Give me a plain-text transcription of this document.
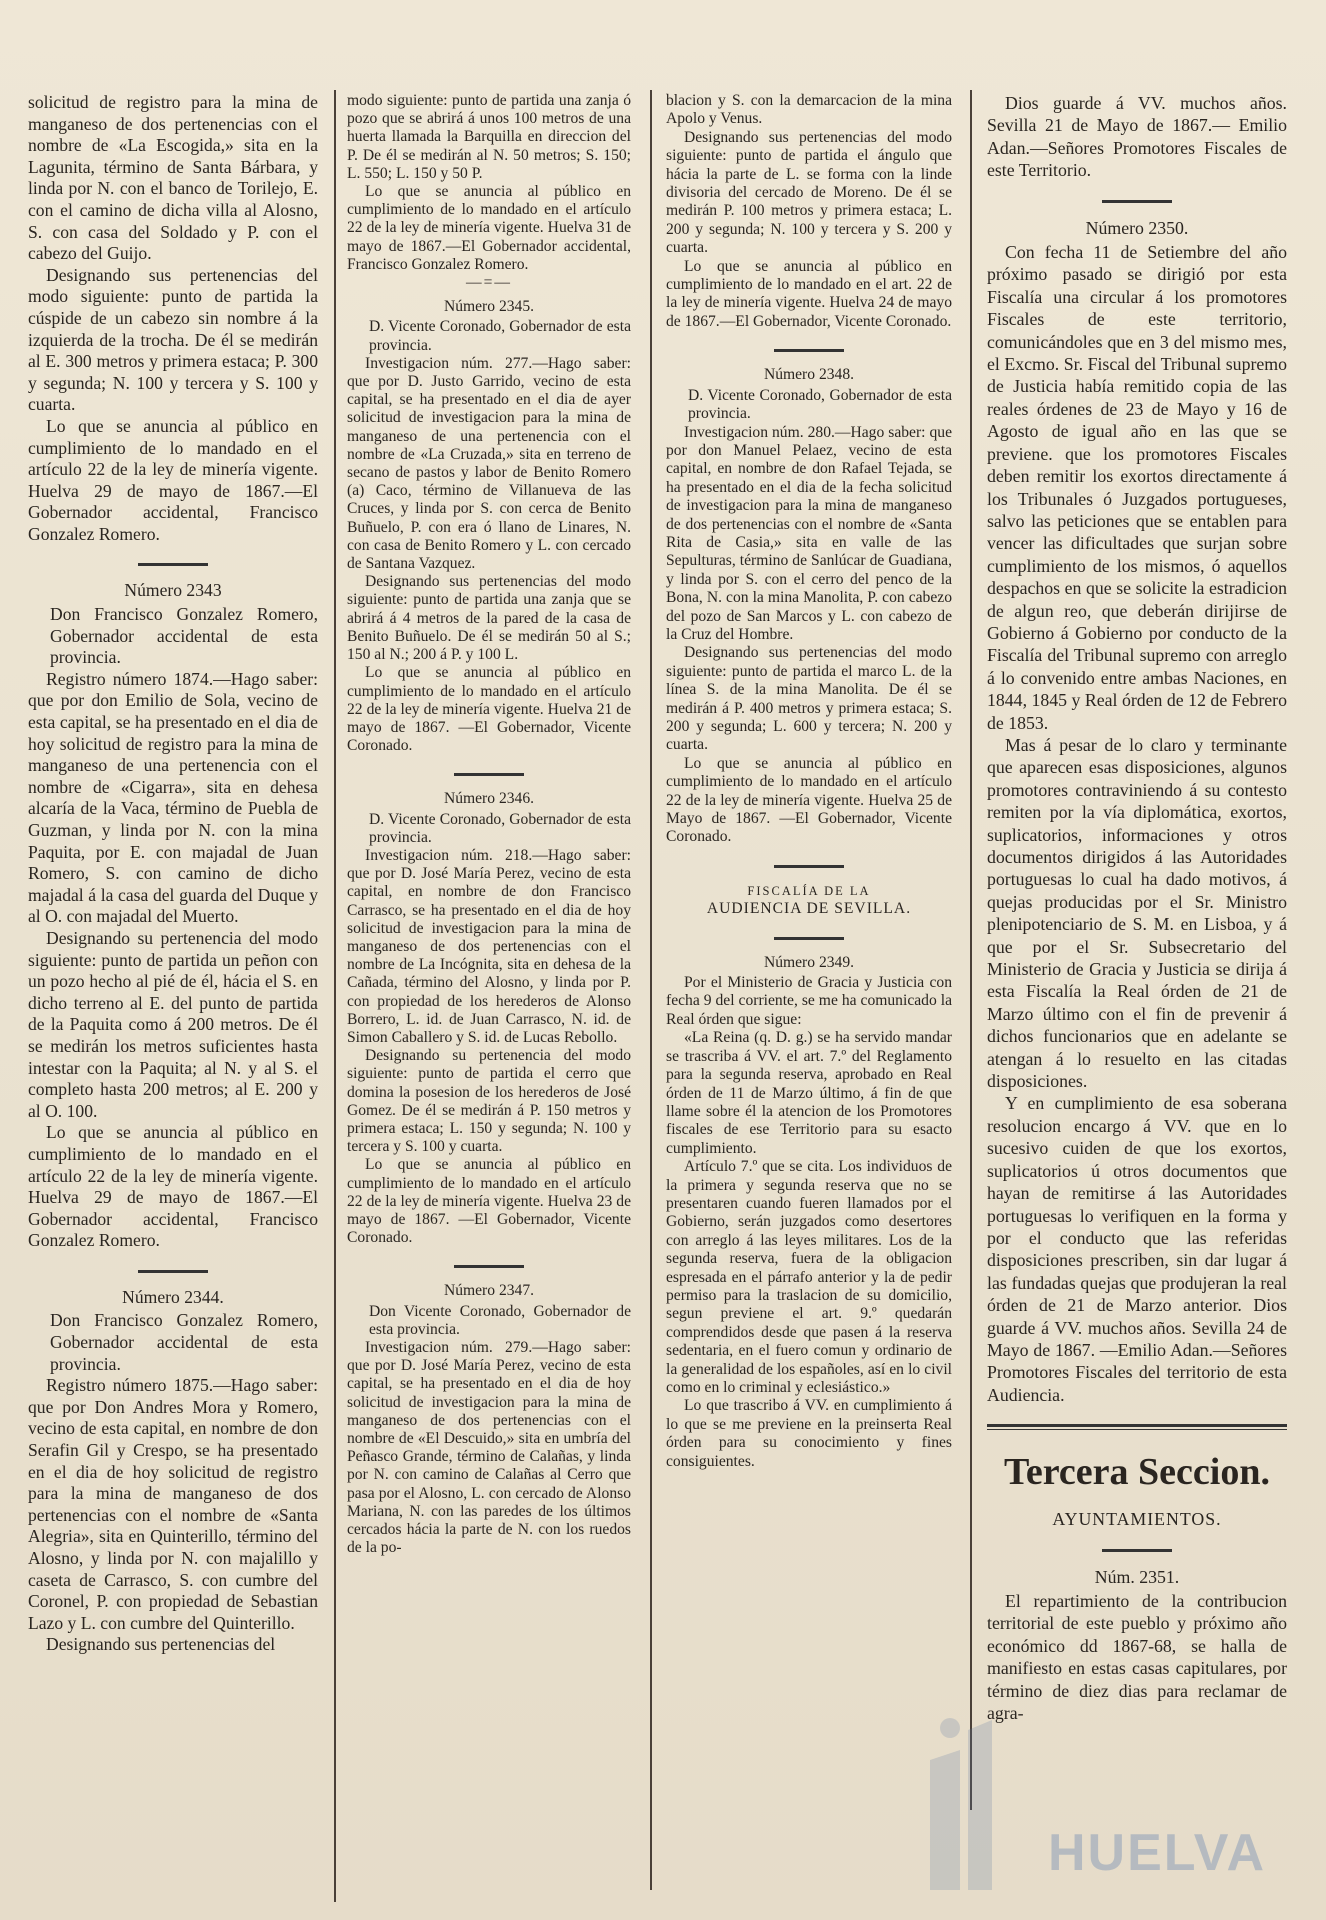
solicitud de registro para la mina de manganeso de dos pertenencias con el nombre de «La Escogida,» sita en la Lagunita, término de Santa Bárbara, y linda por N. con el banco de Torilejo, E. con el camino de dicha villa al Alosno, S. con casa del Soldado y P. con el cabezo del Guijo.

Designando sus pertenencias del modo siguiente: punto de partida la cúspide de un cabezo sin nombre á la izquierda de la trocha. De él se medirán al E. 300 metros y primera estaca; P. 300 y segunda; N. 100 y tercera y S. 100 y cuarta.

Lo que se anuncia al público en cumplimiento de lo mandado en el artículo 22 de la ley de minería vigente. Huelva 29 de mayo de 1867.—El Gobernador accidental, Francisco Gonzalez Romero.

Número 2343

Don Francisco Gonzalez Romero, Gobernador accidental de esta provincia.

Registro número 1874.—Hago saber: que por don Emilio de Sola, vecino de esta capital, se ha presentado en el dia de hoy solicitud de registro para la mina de manganeso de una pertenencia con el nombre de «Cigarra», sita en dehesa alcaría de la Vaca, término de Puebla de Guzman, y linda por N. con la mina Paquita, por E. con majadal de Juan Romero, S. con camino de dicho majadal á la casa del guarda del Duque y al O. con majadal del Muerto.

Designando su pertenencia del modo siguiente: punto de partida un peñon con un pozo hecho al pié de él, hácia el S. en dicho terreno al E. del punto de partida de la Paquita como á 200 metros. De él se medirán los metros suficientes hasta intestar con la Paquita; al N. y al S. el completo hasta 200 metros; al E. 200 y al O. 100.

Lo que se anuncia al público en cumplimiento de lo mandado en el artículo 22 de la ley de minería vigente. Huelva 29 de mayo de 1867.—El Gobernador accidental, Francisco Gonzalez Romero.

Número 2344.

Don Francisco Gonzalez Romero, Gobernador accidental de esta provincia.

Registro número 1875.—Hago saber: que por Don Andres Mora y Romero, vecino de esta capital, en nombre de don Serafin Gil y Crespo, se ha presentado en el dia de hoy solicitud de registro para la mina de manganeso de dos pertenencias con el nombre de «Santa Alegria», sita en Quinterillo, término del Alosno, y linda por N. con majalillo y caseta de Carrasco, S. con cumbre del Coronel, P. con propiedad de Sebastian Lazo y L. con cumbre del Quinterillo.

Designando sus pertenencias del

modo siguiente: punto de partida una zanja ó pozo que se abrirá á unos 100 metros de una huerta llamada la Barquilla en direccion del P. De él se medirán al N. 50 metros; S. 150; L. 550; L. 150 y 50 P.

Lo que se anuncia al público en cumplimiento de lo mandado en el artículo 22 de la ley de minería vigente. Huelva 31 de mayo de 1867.—El Gobernador accidental, Francisco Gonzalez Romero.

—=—

Número 2345.

D. Vicente Coronado, Gobernador de esta provincia.

Investigacion núm. 277.—Hago saber: que por D. Justo Garrido, vecino de esta capital, se ha presentado en el dia de ayer solicitud de investigacion para la mina de manganeso de una pertenencia con el nombre de «La Cruzada,» sita en terreno de secano de pastos y labor de Benito Romero (a) Caco, término de Villanueva de las Cruces, y linda por S. con cerca de Benito Buñuelo, P. con era ó llano de Linares, N. con casa de Benito Romero y L. con cercado de Santana Vazquez.

Designando sus pertenencias del modo siguiente: punto de partida una zanja que se abrirá á 4 metros de la pared de la casa de Benito Buñuelo. De él se medirán 50 al S.; 150 al N.; 200 á P. y 100 L.

Lo que se anuncia al público en cumplimiento de lo mandado en el artículo 22 de la ley de minería vigente. Huelva 21 de mayo de 1867. —El Gobernador, Vicente Coronado.

Número 2346.

D. Vicente Coronado, Gobernador de esta provincia.

Investigacion núm. 218.—Hago saber: que por D. José María Perez, vecino de esta capital, en nombre de don Francisco Carrasco, se ha presentado en el dia de hoy solicitud de investigacion para la mina de manganeso de dos pertenencias con el nombre de La Incógnita, sita en dehesa de la Cañada, término del Alosno, y linda por P. con propiedad de los herederos de Alonso Borrero, L. id. de Juan Carrasco, N. id. de Simon Caballero y S. id. de Lucas Rebollo.

Designando su pertenencia del modo siguiente: punto de partida el cerro que domina la posesion de los herederos de José Gomez. De él se medirán á P. 150 metros y primera estaca; L. 150 y segunda; N. 100 y tercera y S. 100 y cuarta.

Lo que se anuncia al público en cumplimiento de lo mandado en el artículo 22 de la ley de minería vigente. Huelva 23 de mayo de 1867. —El Gobernador, Vicente Coronado.

Número 2347.

Don Vicente Coronado, Gobernador de esta provincia.

Investigacion núm. 279.—Hago saber: que por D. José María Perez, vecino de esta capital, se ha presentado en el dia de hoy solicitud de investigacion para la mina de manganeso de dos pertenencias con el nombre de «El Descuido,» sita en umbría del Peñasco Grande, término de Calañas, y linda por N. con camino de Calañas al Cerro que pasa por el Alosno, L. con cercado de Alonso Mariana, N. con las paredes de los últimos cercados hácia la parte de N. con los ruedos de la po-

blacion y S. con la demarcacion de la mina Apolo y Venus.

Designando sus pertenencias del modo siguiente: punto de partida el ángulo que hácia la parte de L. se forma con la linde divisoria del cercado de Moreno. De él se medirán P. 100 metros y primera estaca; L. 200 y segunda; N. 100 y tercera y S. 200 y cuarta.

Lo que se anuncia al público en cumplimiento de lo mandado en el art. 22 de la ley de minería vigente. Huelva 24 de mayo de 1867.—El Gobernador, Vicente Coronado.

Número 2348.

D. Vicente Coronado, Gobernador de esta provincia.

Investigacion núm. 280.—Hago saber: que por don Manuel Pelaez, vecino de esta capital, en nombre de don Rafael Tejada, se ha presentado en el dia de la fecha solicitud de investigacion para la mina de manganeso de dos pertenencias con el nombre de «Santa Rita de Casia,» sita en valle de las Sepulturas, término de Sanlúcar de Guadiana, y linda por S. con el cerro del penco de la Bona, N. con la mina Manolita, P. con cabezo del pozo de San Marcos y L. con cabezo de la Cruz del Hombre.

Designando sus pertenencias del modo siguiente: punto de partida el marco L. de la línea S. de la mina Manolita. De él se medirán á P. 400 metros y primera estaca; S. 200 y segunda; L. 600 y tercera; N. 200 y cuarta.

Lo que se anuncia al público en cumplimiento de lo mandado en el artículo 22 de la ley de minería vigente. Huelva 25 de Mayo de 1867. —El Gobernador, Vicente Coronado.

FISCALÍA DE LA

AUDIENCIA DE SEVILLA.

Número 2349.

Por el Ministerio de Gracia y Justicia con fecha 9 del corriente, se me ha comunicado la Real órden que sigue:

«La Reina (q. D. g.) se ha servido mandar se trascriba á VV. el art. 7.º del Reglamento para la segunda reserva, aprobado en Real órden de 11 de Marzo último, á fin de que llame sobre él la atencion de los Promotores fiscales de ese Territorio para su esacto cumplimiento.

Artículo 7.º que se cita. Los individuos de la primera y segunda reserva que no se presentaren cuando fueren llamados por el Gobierno, serán juzgados como desertores con arreglo á las leyes militares. Los de la segunda reserva, fuera de la obligacion espresada en el párrafo anterior y la de pedir permiso para la traslacion de su domicilio, segun previene el art. 9.º quedarán comprendidos desde que pasen á la reserva sedentaria, en el fuero comun y ordinario de la generalidad de los españoles, así en lo civil como en lo criminal y eclesiástico.»

Lo que trascribo á VV. en cumplimiento á lo que se me previene en la preinserta Real órden para su conocimiento y fines consiguientes.

Dios guarde á VV. muchos años. Sevilla 21 de Mayo de 1867.— Emilio Adan.—Señores Promotores Fiscales de este Territorio.

Número 2350.

Con fecha 11 de Setiembre del año próximo pasado se dirigió por esta Fiscalía una circular á los promotores Fiscales de este territorio, comunicándoles que en 3 del mismo mes, el Excmo. Sr. Fiscal del Tribunal supremo de Justicia había remitido copia de las reales órdenes de 23 de Mayo y 16 de Agosto de igual año en las que se previene. que los promotores Fiscales deben remitir los exortos directamente á los Tribunales ó Juzgados portugueses, salvo las peticiones que se entablen para vencer las dificultades que surjan sobre cumplimiento de los mismos, ó aquellos despachos en que se solicite la estradicion de algun reo, que deberán dirijirse de Gobierno á Gobierno por conducto de la Fiscalía del Tribunal supremo con arreglo á lo convenido entre ambas Naciones, en 1844, 1845 y Real órden de 12 de Febrero de 1853.

Mas á pesar de lo claro y terminante que aparecen esas disposiciones, algunos promotores contraviniendo á su contesto remiten por la vía diplomática, exortos, suplicatorios, informaciones y otros documentos dirigidos á las Autoridades portuguesas lo cual ha dado motivos, á quejas producidas por el Sr. Ministro plenipotenciario de S. M. en Lisboa, y á que por el Sr. Subsecretario del Ministerio de Gracia y Justicia se dirija á esta Fiscalía la Real órden de 21 de Marzo último con el fin de prevenir á dichos funcionarios que en adelante se atengan á lo resuelto en las citadas disposiciones.

Y en cumplimiento de esa soberana resolucion encargo á VV. que en lo sucesivo cuiden de que los exortos, suplicatorios ú otros documentos que hayan de remitirse á las Autoridades portuguesas lo verifiquen en la forma y por el conducto que las referidas disposiciones prescriben, sin dar lugar á las fundadas quejas que produjeran la real órden de 21 de Marzo anterior. Dios guarde á VV. muchos años. Sevilla 24 de Mayo de 1867. —Emilio Adan.—Señores Promotores Fiscales del territorio de esta Audiencia.

Tercera Seccion.

AYUNTAMIENTOS.

Núm. 2351.

El repartimiento de la contribucion territorial de este pueblo y próximo año económico dd 1867-68, se halla de manifiesto en estas casas capitulares, por término de diez dias para reclamar de agra-

HUELVA
